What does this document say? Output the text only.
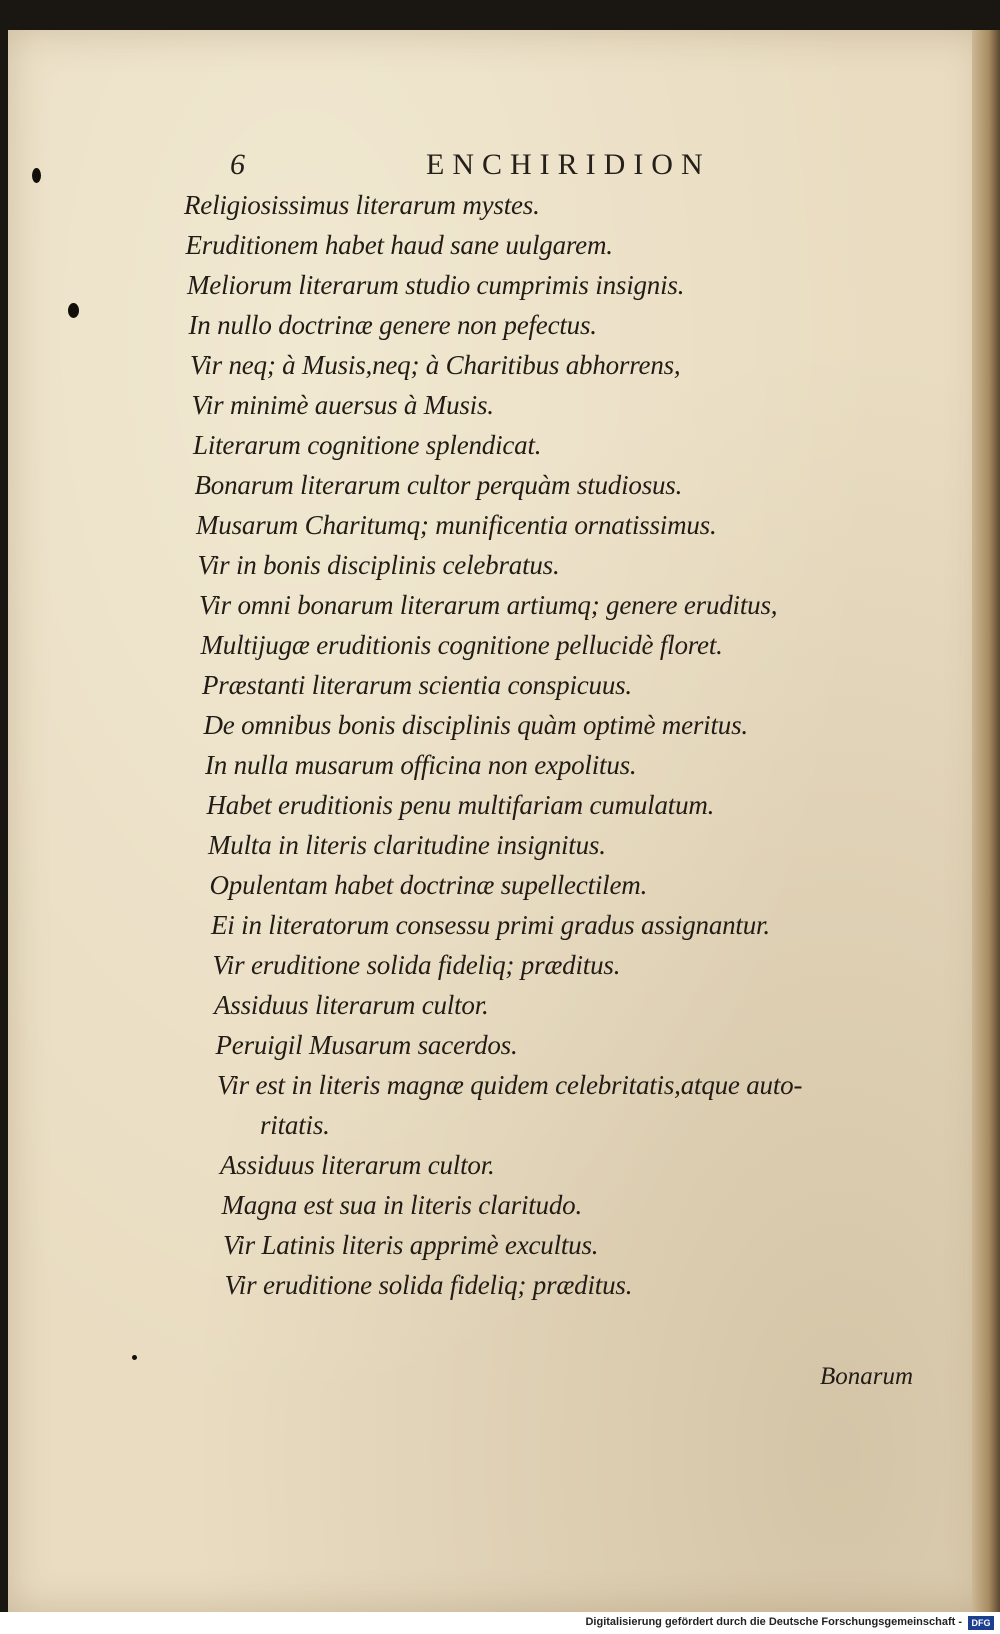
6	ENCHIRIDION
Religiosissimus literarum mystes.
Eruditionem habet haud sane uulgarem.
Meliorum literarum studio cumprimis insignis.
In nullo doctrinæ genere non pefectus.
Vir neq; à Musis,neq; à Charitibus abhorrens,
Vir minimè auersus à Musis.
Literarum cognitione splendicat.
Bonarum literarum cultor perquàm studiosus.
Musarum Charitumq; munificentia ornatissimus.
Vir in bonis disciplinis celebratus.
Vir omni bonarum literarum artiumq; genere eruditus,
Multijugæ eruditionis cognitione pellucidè floret.
Præstanti literarum scientia conspicuus.
De omnibus bonis disciplinis quàm optimè meritus.
In nulla musarum officina non expolitus.
Habet eruditionis penu multifariam cumulatum.
Multa in literis claritudine insignitus.
Opulentam habet doctrinæ supellectilem.
Ei in literatorum consessu primi gradus assignantur.
Vir eruditione solida fideliq; præditus.
Assiduus literarum cultor.
Peruigil Musarum sacerdos.
Vir est in literis magnæ quidem celebritatis,atque auto-
ritatis.
Assiduus literarum cultor.
Magna est sua in literis claritudo.
Vir Latinis literis apprimè excultus.
Vir eruditione solida fideliq; præditus.
Bonarum
Digitalisierung gefördert durch die Deutsche Forschungsgemeinschaft -	DFG
